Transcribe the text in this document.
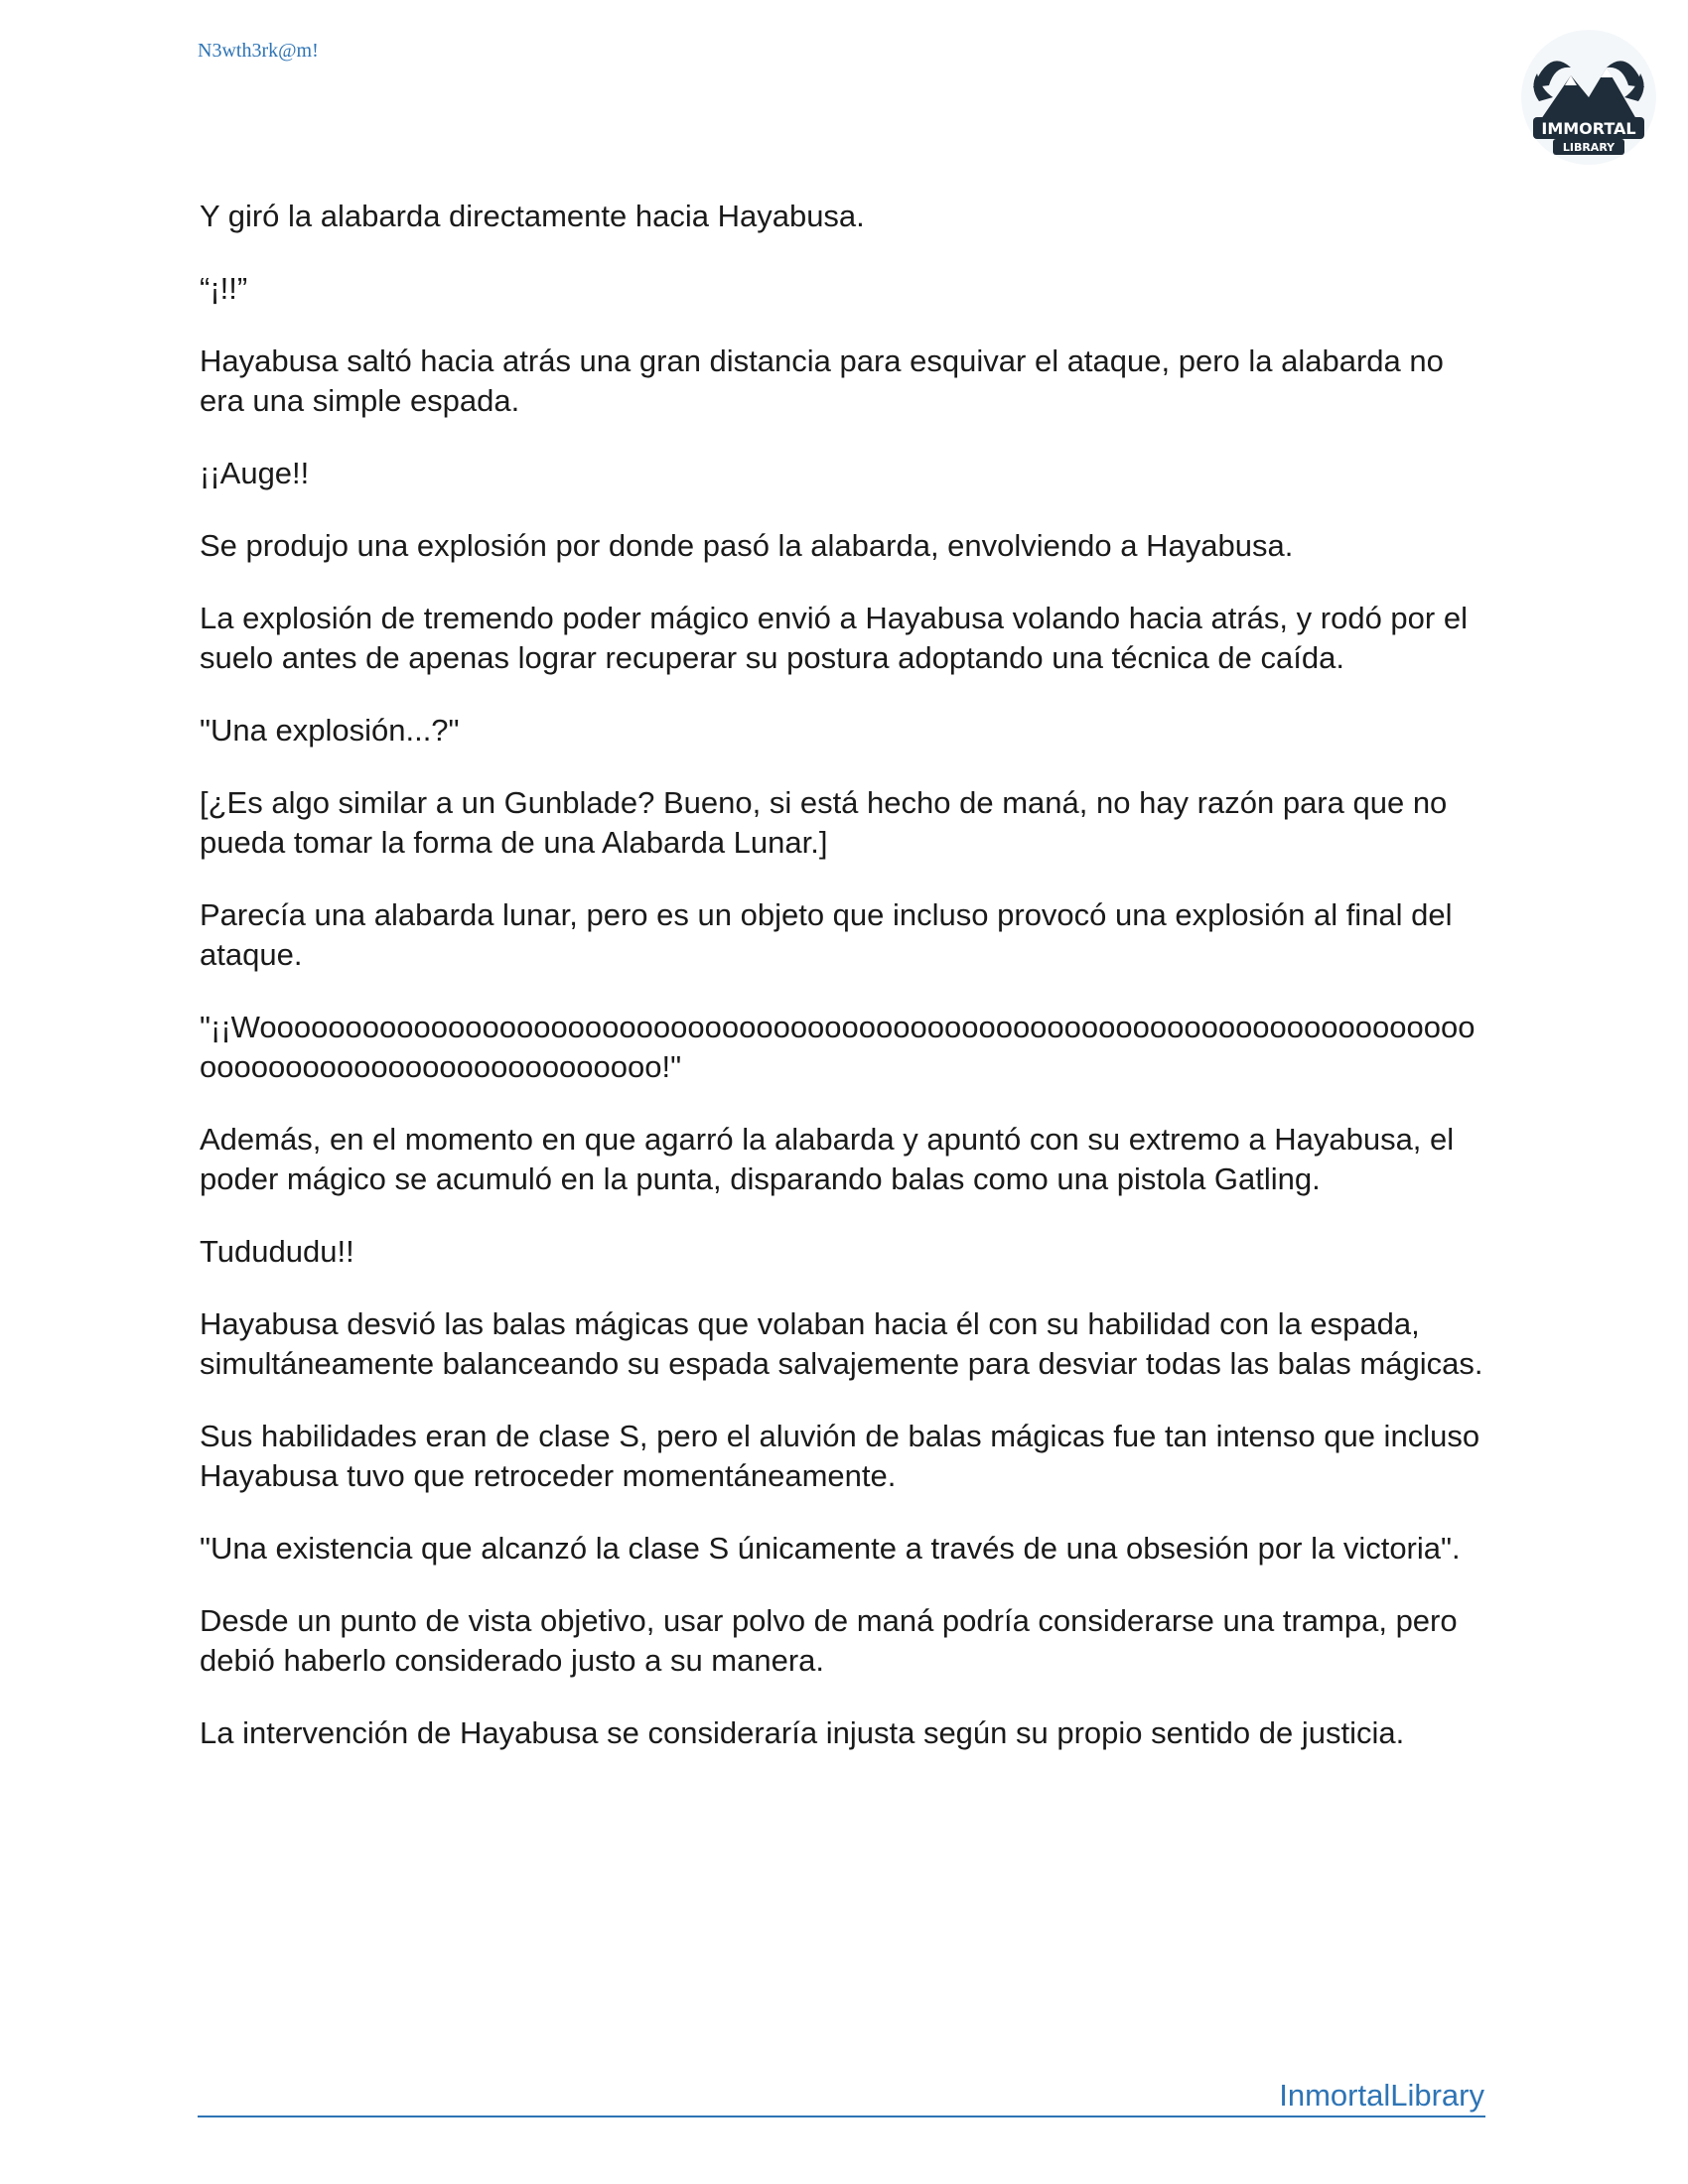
N3wth3rk@m!
IMMORTAL
LIBRARY

Y giró la alabarda directamente hacia Hayabusa.

“¡!!”

Hayabusa saltó hacia atrás una gran distancia para esquivar el ataque, pero la alabarda no era una simple espada.

¡¡Auge!!

Se produjo una explosión por donde pasó la alabarda, envolviendo a Hayabusa.

La explosión de tremendo poder mágico envió a Hayabusa volando hacia atrás, y rodó por el suelo antes de apenas lograr recuperar su postura adoptando una técnica de caída.

"Una explosión...?"

[¿Es algo similar a un Gunblade? Bueno, si está hecho de maná, no hay razón para que no pueda tomar la forma de una Alabarda Lunar.]

Parecía una alabarda lunar, pero es un objeto que incluso provocó una explosión al final del ataque.

"¡¡Woooooooooooooooooooooooooooooooooooooooooooooooooooooooooooooooooooooooooooooooooooooooooooooooooo!"

Además, en el momento en que agarró la alabarda y apuntó con su extremo a Hayabusa, el poder mágico se acumuló en la punta, disparando balas como una pistola Gatling.

Tudududu!!

Hayabusa desvió las balas mágicas que volaban hacia él con su habilidad con la espada, simultáneamente balanceando su espada salvajemente para desviar todas las balas mágicas.

Sus habilidades eran de clase S, pero el aluvión de balas mágicas fue tan intenso que incluso Hayabusa tuvo que retroceder momentáneamente.

"Una existencia que alcanzó la clase S únicamente a través de una obsesión por la victoria".

Desde un punto de vista objetivo, usar polvo de maná podría considerarse una trampa, pero debió haberlo considerado justo a su manera.

La intervención de Hayabusa se consideraría injusta según su propio sentido de justicia.

InmortalLibrary
